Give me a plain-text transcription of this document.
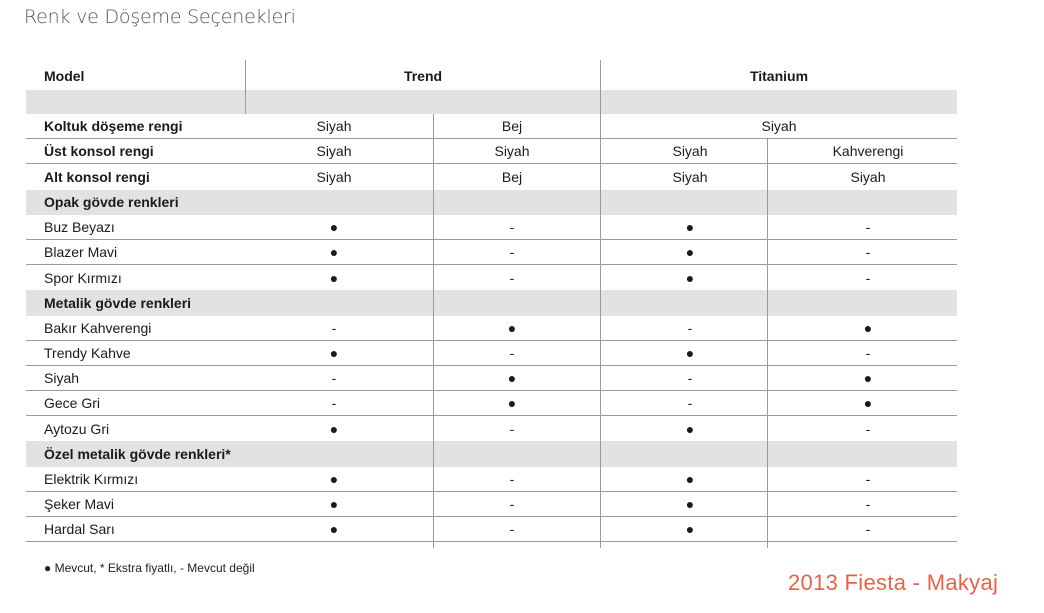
Renk ve Döşeme Seçenekleri
Model	Trend	Titanium
Koltuk döşeme rengi	Siyah	Bej	Siyah
Üst konsol rengi	Siyah	Siyah	Siyah	Kahverengi
Alt konsol rengi	Siyah	Bej	Siyah	Siyah
Opak gövde renkleri
Buz Beyazı	●	-	●	-
Blazer Mavi	●	-	●	-
Spor Kırmızı	●	-	●	-
Metalik gövde renkleri
Bakır Kahverengi	-	●	-	●
Trendy Kahve	●	-	●	-
Siyah	-	●	-	●
Gece Gri	-	●	-	●
Aytozu Gri	●	-	●	-
Özel metalik gövde renkleri*
Elektrik Kırmızı	●	-	●	-
Şeker Mavi	●	-	●	-
Hardal Sarı	●	-	●	-
● Mevcut, * Ekstra fiyatlı, - Mevcut değil
2013 Fiesta - Makyaj
